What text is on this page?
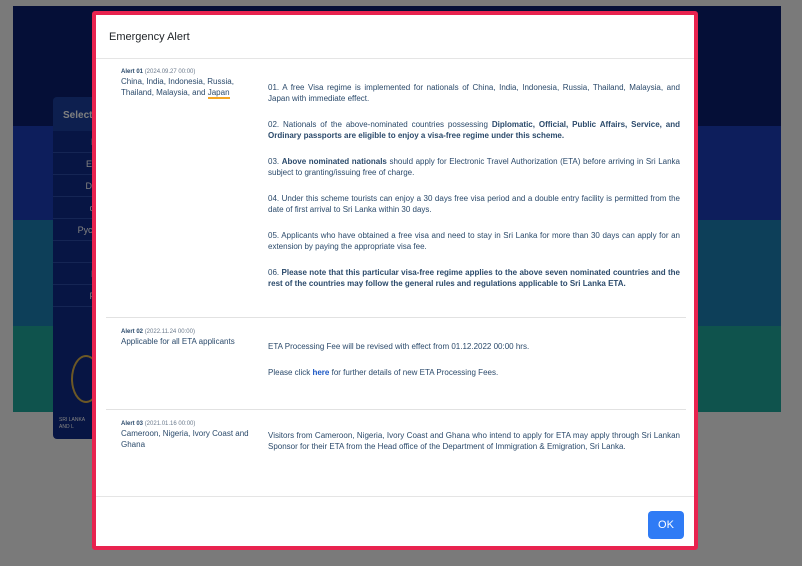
Emergency Alert
Alert 01 (2024.09.27 00:00)
China, India, Indonesia, Russia, Thailand, Malaysia, and Japan

01. A free Visa regime is implemented for nationals of China, India, Indonesia, Russia, Thailand, Malaysia, and Japan with immediate effect.

02. Nationals of the above-nominated countries possessing Diplomatic, Official, Public Affairs, Service, and Ordinary passports are eligible to enjoy a visa-free regime under this scheme.

03. Above nominated nationals should apply for Electronic Travel Authorization (ETA) before arriving in Sri Lanka subject to granting/issuing free of charge.

04. Under this scheme tourists can enjoy a 30 days free visa period and a double entry facility is permitted from the date of first arrival to Sri Lanka within 30 days.

05. Applicants who have obtained a free visa and need to stay in Sri Lanka for more than 30 days can apply for an extension by paying the appropriate visa fee.

06. Please note that this particular visa-free regime applies to the above seven nominated countries and the rest of the countries may follow the general rules and regulations applicable to Sri Lanka ETA.

Alert 02 (2022.11.24 00:00)
Applicable for all ETA applicants

ETA Processing Fee will be revised with effect from 01.12.2022 00:00 hrs.

Please click here for further details of new ETA Processing Fees.

Alert 03 (2021.01.16 00:00)
Cameroon, Nigeria, Ivory Coast and Ghana

Visitors from Cameroon, Nigeria, Ivory Coast and Ghana who intend to apply for ETA may apply through Sri Lankan Sponsor for their ETA from the Head office of the Department of Immigration & Emigration, Sri Lanka.

OK
